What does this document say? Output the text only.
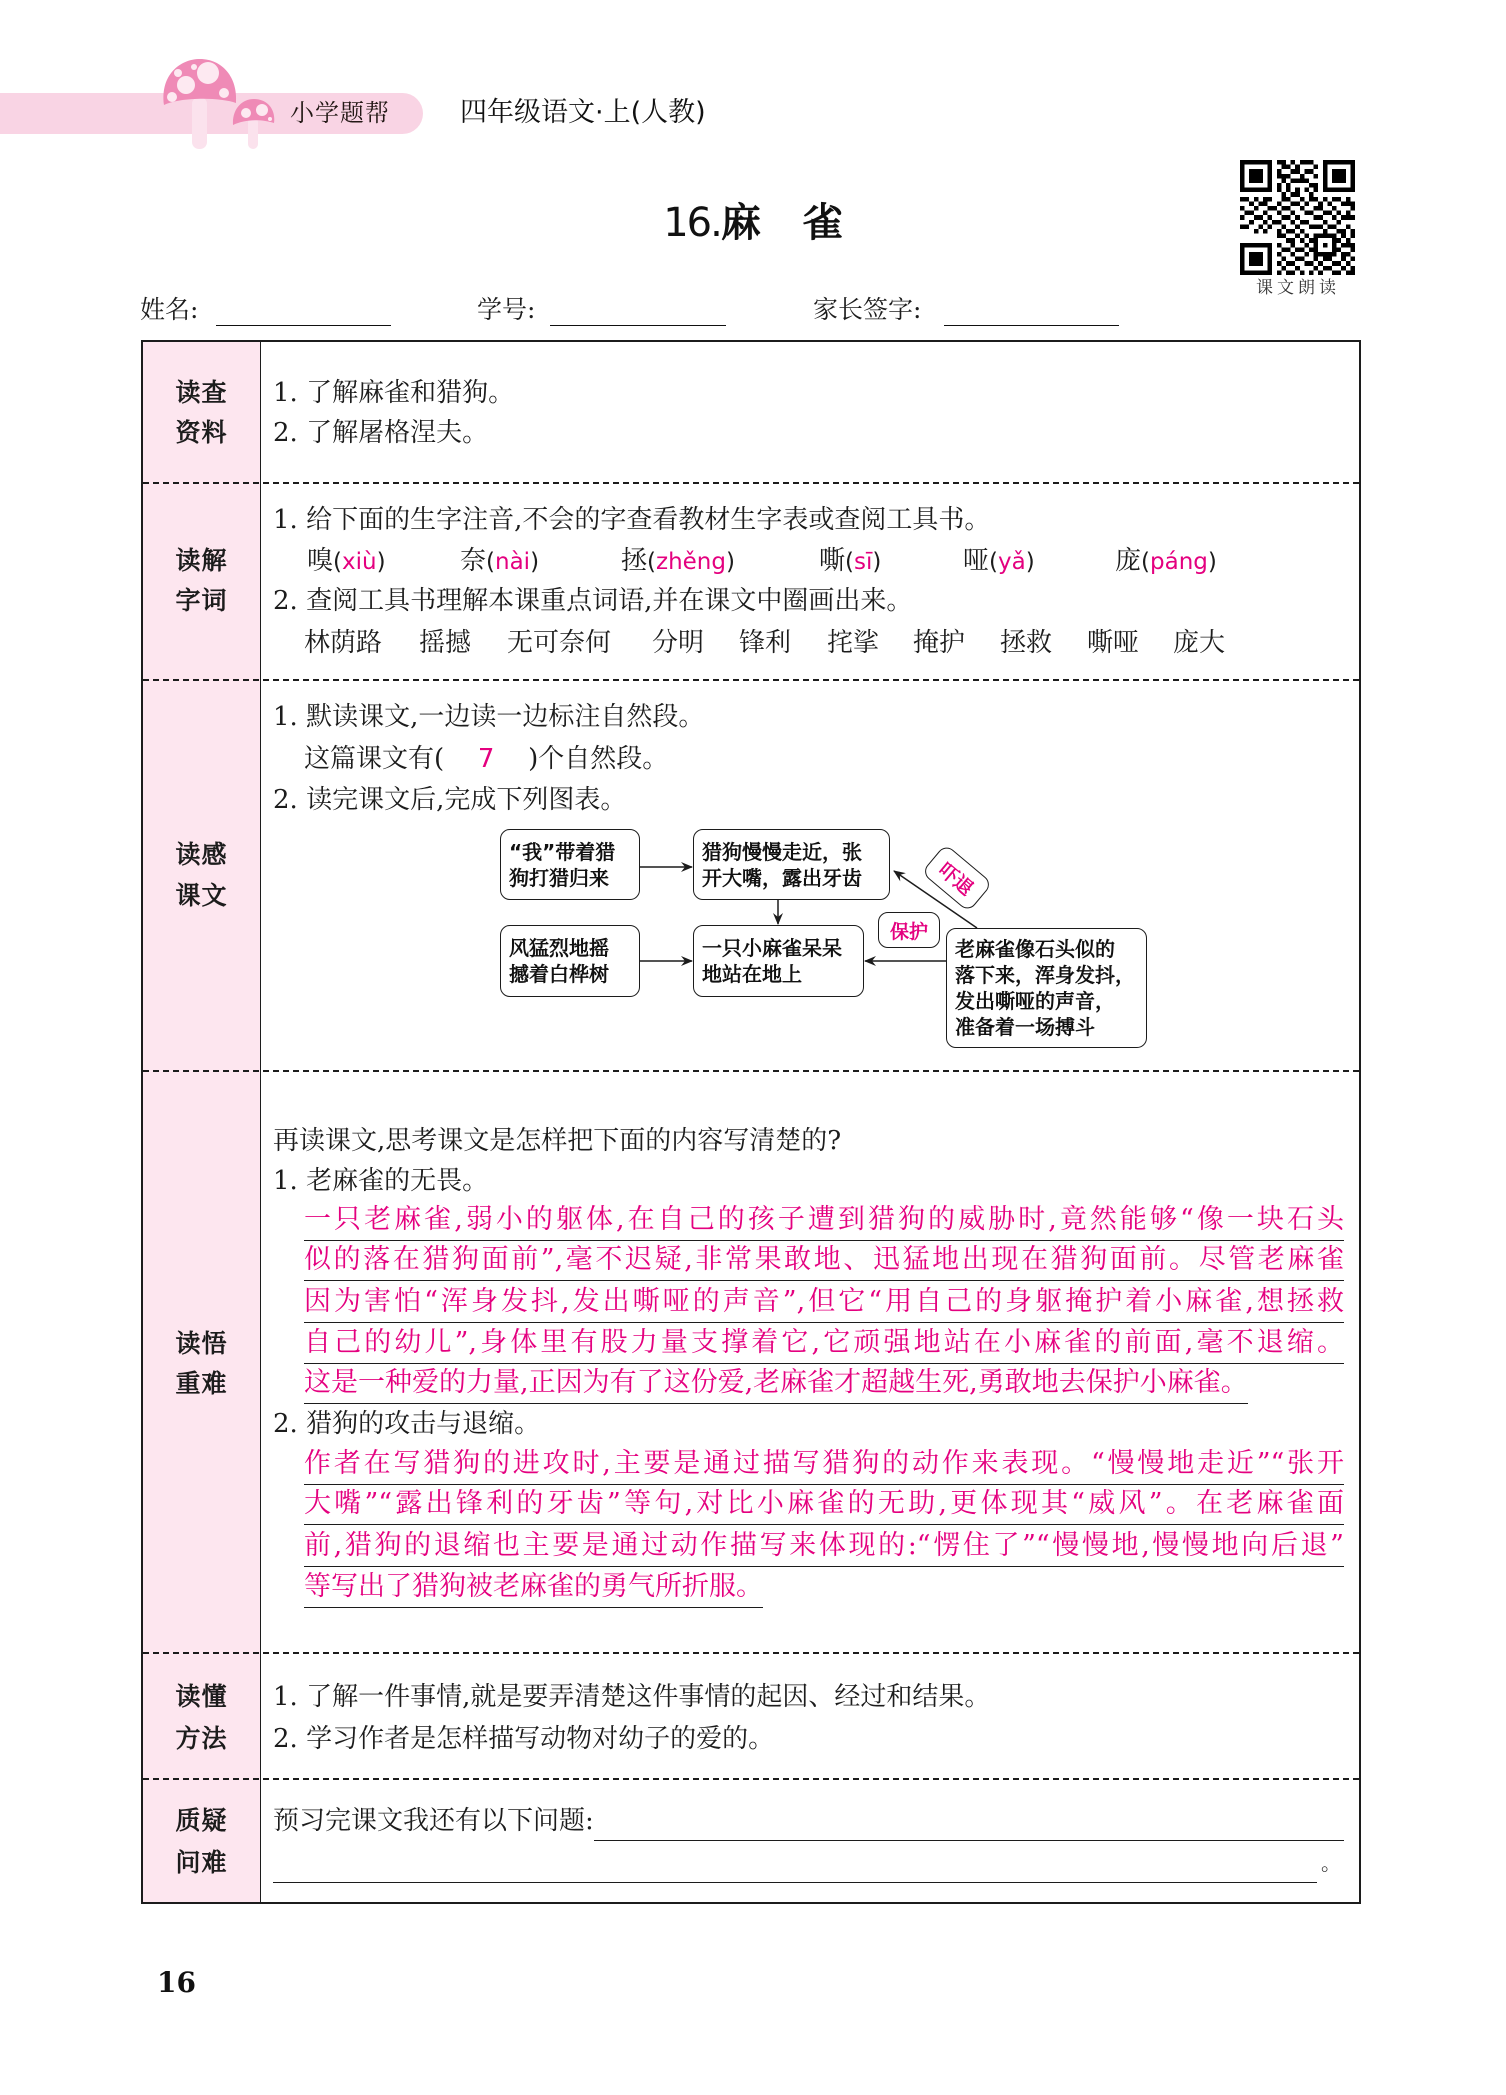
小学题帮	四年级语文·上(人教)
16.麻 雀
课文朗读
姓名:	学号:	家长签字:
读查
资料
1. 了解麻雀和猎狗。
2. 了解屠格涅夫。
读解
字词
1. 给下面的生字注音,不会的字查看教材生字表或查阅工具书。
嗅(xiù)	奈(nài)	拯(zhěng)	嘶(sī)	哑(yǎ)	庞(páng)
2. 查阅工具书理解本课重点词语,并在课文中圈画出来。
林荫路 摇撼 无可奈何 分明 锋利 挓挲 掩护 拯救 嘶哑 庞大
读感
课文
1. 默读课文,一边读一边标注自然段。
这篇课文有( 7 )个自然段。
2. 读完课文后,完成下列图表。
“我”带着猎
狗打猎归来
猎狗慢慢走近，张
开大嘴，露出牙齿
风猛烈地摇
撼着白桦树
一只小麻雀呆呆
地站在地上
老麻雀像石头似的
落下来，浑身发抖，
发出嘶哑的声音，
准备着一场搏斗
保护
吓退
读悟
重难
再读课文,思考课文是怎样把下面的内容写清楚的?
1. 老麻雀的无畏。
一只老麻雀,弱小的躯体,在自己的孩子遭到猎狗的威胁时,竟然能够“像一块石头
似的落在猎狗面前”,毫不迟疑,非常果敢地、迅猛地出现在猎狗面前。尽管老麻雀
因为害怕“浑身发抖,发出嘶哑的声音”,但它“用自己的身躯掩护着小麻雀,想拯救
自己的幼儿”,身体里有股力量支撑着它,它顽强地站在小麻雀的前面,毫不退缩。
这是一种爱的力量,正因为有了这份爱,老麻雀才超越生死,勇敢地去保护小麻雀。
2. 猎狗的攻击与退缩。
作者在写猎狗的进攻时,主要是通过描写猎狗的动作来表现。“慢慢地走近”“张开
大嘴”“露出锋利的牙齿”等句,对比小麻雀的无助,更体现其“威风”。在老麻雀面
前,猎狗的退缩也主要是通过动作描写来体现的:“愣住了”“慢慢地,慢慢地向后退”
等写出了猎狗被老麻雀的勇气所折服。
读懂
方法
1. 了解一件事情,就是要弄清楚这件事情的起因、经过和结果。
2. 学习作者是怎样描写动物对幼子的爱的。
质疑
问难
预习完课文我还有以下问题:
。
16
